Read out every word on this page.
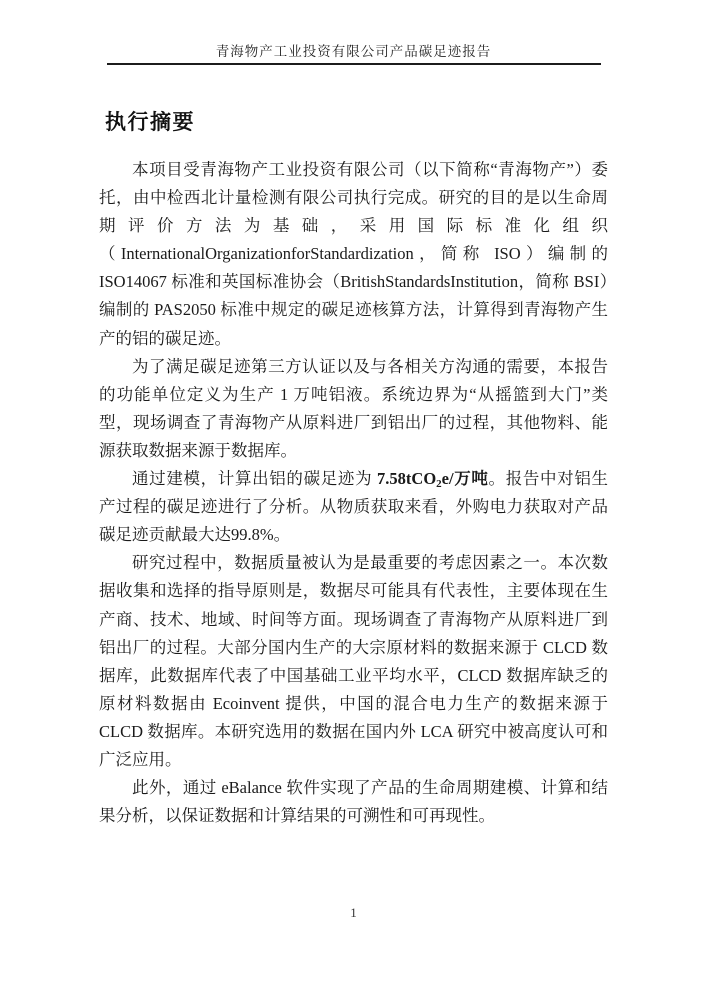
青海物产工业投资有限公司产品碳足迹报告
执行摘要

本项目受青海物产工业投资有限公司（以下简称“青海物产”）委托，由中检西北计量检测有限公司执行完成。研究的目的是以生命周期评价方法为基础，采用国际标准化组织（InternationalOrganizationforStandardization，简称 ISO）编制的 ISO14067 标准和英国标准协会（BritishStandardsInstitution，简称 BSI）编制的 PAS2050 标准中规定的碳足迹核算方法，计算得到青海物产生产的铝的碳足迹。

为了满足碳足迹第三方认证以及与各相关方沟通的需要，本报告的功能单位定义为生产 1 万吨铝液。系统边界为“从摇篮到大门”类型，现场调查了青海物产从原料进厂到铝出厂的过程，其他物料、能源获取数据来源于数据库。

通过建模，计算出铝的碳足迹为 7.58tCO$_2$e/万吨。报告中对铝生产过程的碳足迹进行了分析。从物质获取来看，外购电力获取对产品碳足迹贡献最大达99.8%。

研究过程中，数据质量被认为是最重要的考虑因素之一。本次数据收集和选择的指导原则是，数据尽可能具有代表性，主要体现在生产商、技术、地域、时间等方面。现场调查了青海物产从原料进厂到铝出厂的过程。大部分国内生产的大宗原材料的数据来源于 CLCD 数据库，此数据库代表了中国基础工业平均水平，CLCD 数据库缺乏的原材料数据由 Ecoinvent 提供，中国的混合电力生产的数据来源于 CLCD 数据库。本研究选用的数据在国内外 LCA 研究中被高度认可和广泛应用。

此外，通过 eBalance 软件实现了产品的生命周期建模、计算和结果分析，以保证数据和计算结果的可溯性和可再现性。

1
